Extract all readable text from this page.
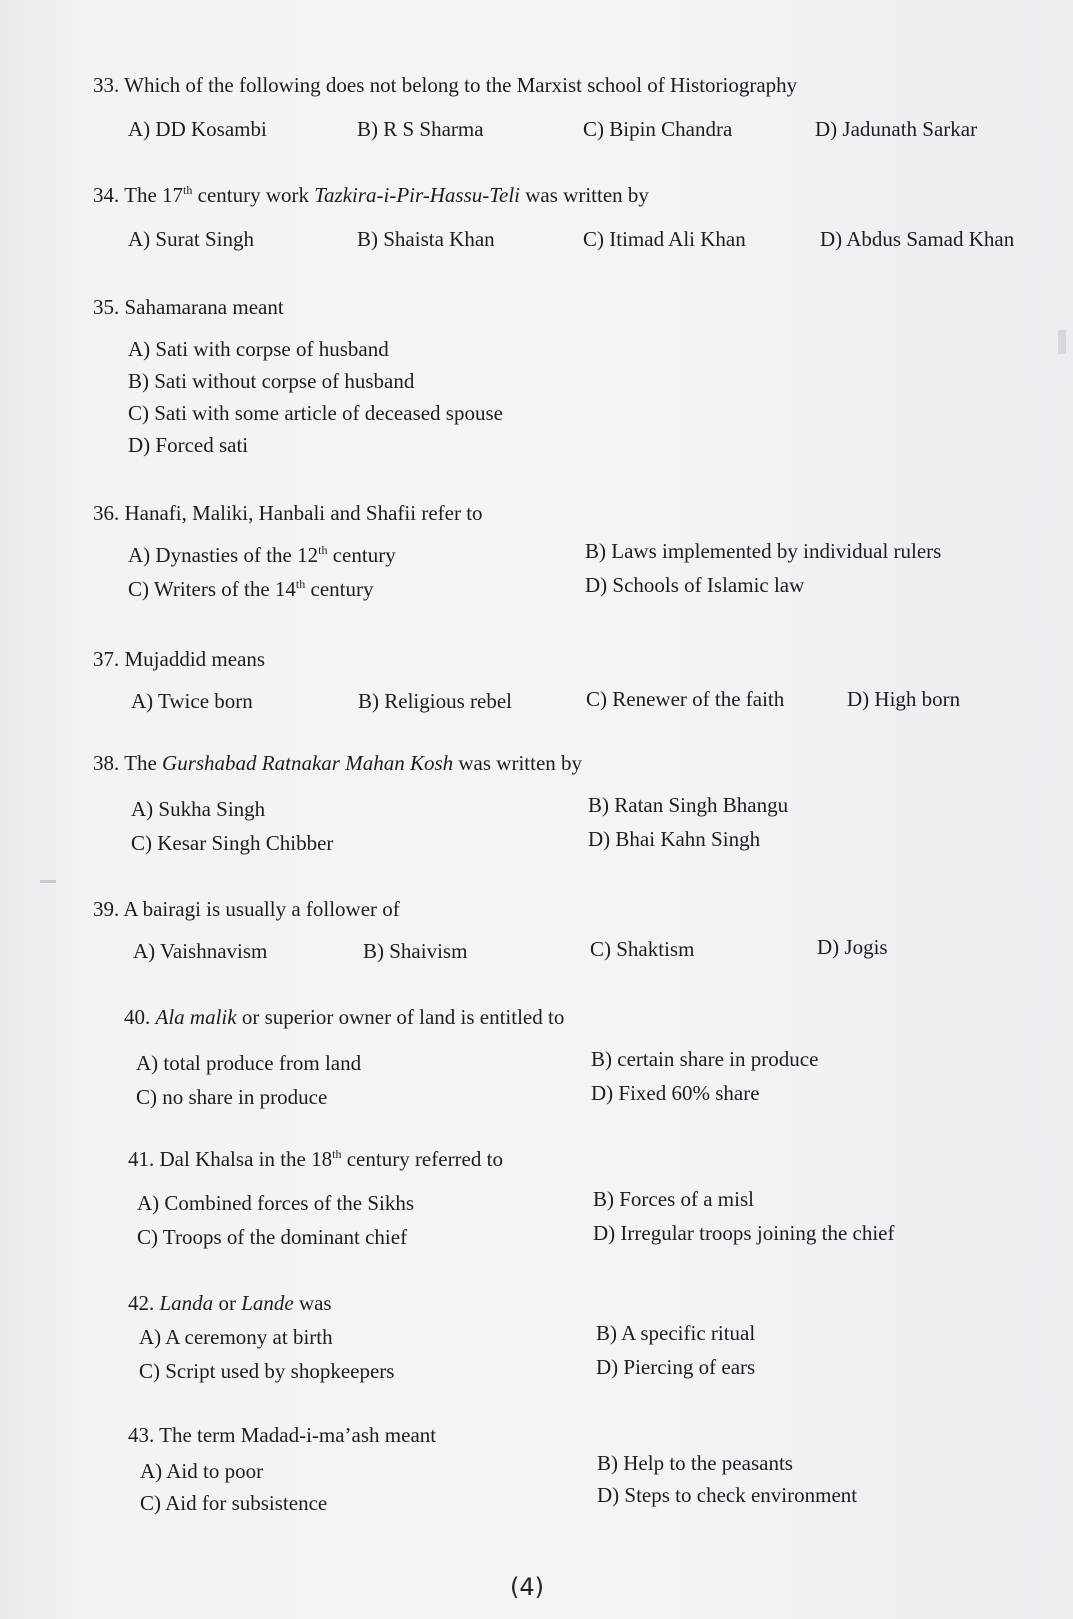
33. Which of the following does not belong to the Marxist school of Historiography
A) DD Kosambi	B) R S Sharma	C) Bipin Chandra	D) Jadunath Sarkar
34. The 17th century work Tazkira-i-Pir-Hassu-Teli was written by
A) Surat Singh	B) Shaista Khan	C) Itimad Ali Khan	D) Abdus Samad Khan
35. Sahamarana meant
A) Sati with corpse of husband
B) Sati without corpse of husband
C) Sati with some article of deceased spouse
D) Forced sati
36. Hanafi, Maliki, Hanbali and Shafii refer to
A) Dynasties of the 12th century	B) Laws implemented by individual rulers
C) Writers of the 14th century	D) Schools of Islamic law
37. Mujaddid means
A) Twice born	B) Religious rebel	C) Renewer of the faith	D) High born
38. The Gurshabad Ratnakar Mahan Kosh was written by
A) Sukha Singh	B) Ratan Singh Bhangu
C) Kesar Singh Chibber	D) Bhai Kahn Singh
39. A bairagi is usually a follower of
A) Vaishnavism	B) Shaivism	C) Shaktism	D) Jogis
40. Ala malik or superior owner of land is entitled to
A) total produce from land	B) certain share in produce
C) no share in produce	D) Fixed 60% share
41. Dal Khalsa in the 18th century referred to
A) Combined forces of the Sikhs	B) Forces of a misl
C) Troops of the dominant chief	D) Irregular troops joining the chief
42. Landa or Lande was
A) A ceremony at birth	B) A specific ritual
C) Script used by shopkeepers	D) Piercing of ears
43. The term Madad-i-ma’ash meant
A) Aid to poor	B) Help to the peasants
C) Aid for subsistence	D) Steps to check environment
(4)
